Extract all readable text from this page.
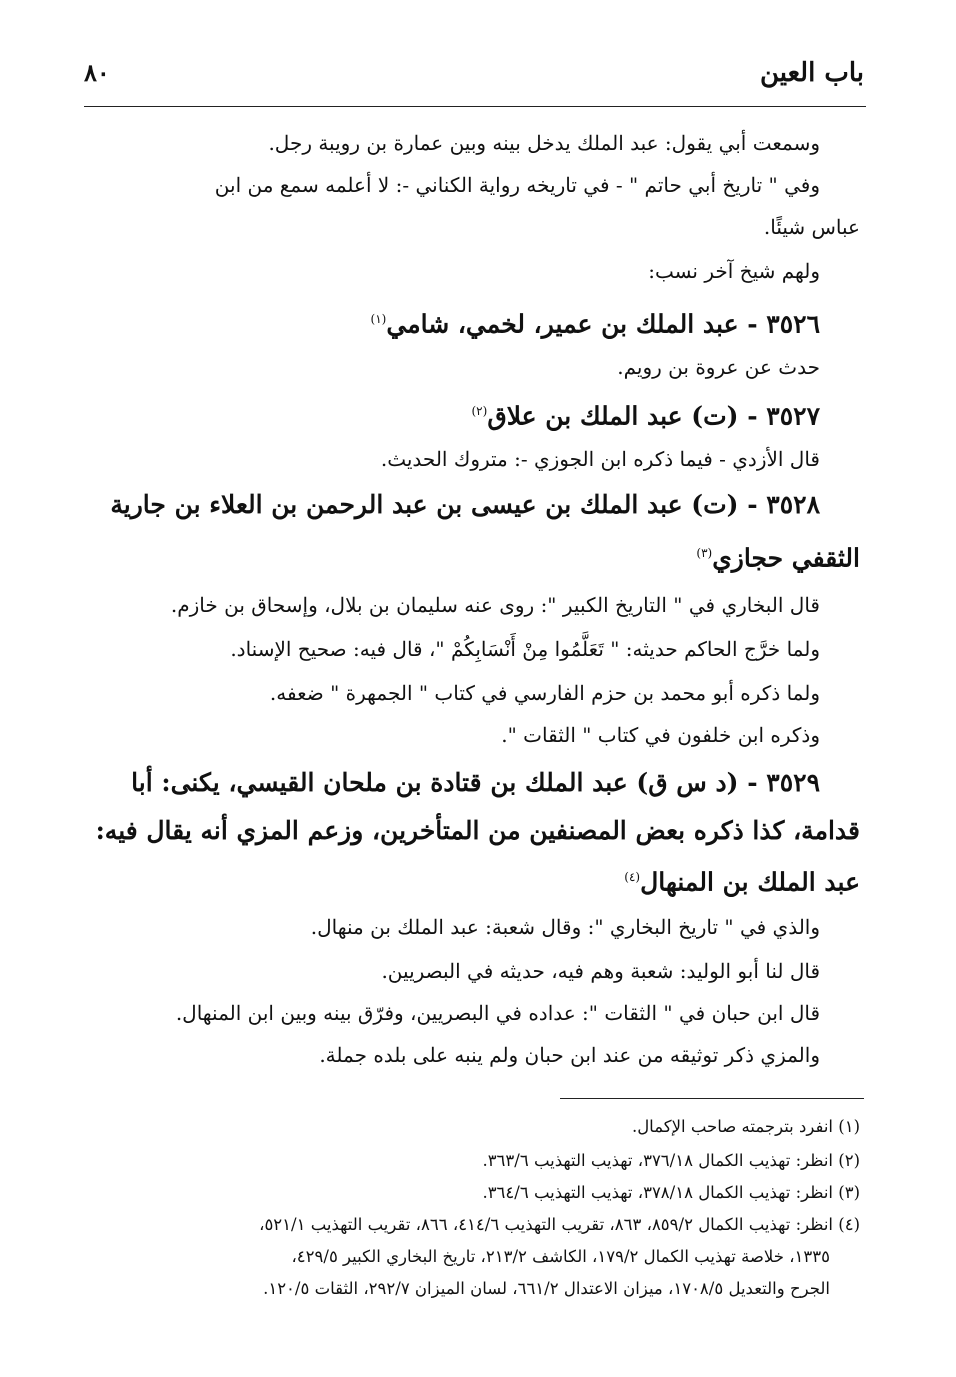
باب العين
٨٠
وسمعت أبي يقول: عبد الملك يدخل بينه وبين عمارة بن رويبة رجل.
وفي " تاريخ أبي حاتم " - في تاريخه رواية الكناني -: لا أعلمه سمع من ابن
عباس شيئًا.
ولهم شيخ آخر نسب:
٣٥٢٦ - عبد الملك بن عمير، لخمي، شامي$^{(١)}$
حدث عن عروة بن رويم.
٣٥٢٧ - (ت) عبد الملك بن علاق$^{(٢)}$
قال الأزدي - فيما ذكره ابن الجوزي -: متروك الحديث.
٣٥٢٨ - (ت) عبد الملك بن عيسى بن عبد الرحمن بن العلاء بن جارية
الثقفي حجازي$^{(٣)}$
قال البخاري في " التاريخ الكبير ": روى عنه سليمان بن بلال، وإسحاق بن خازم.
ولما خرَّج الحاكم حديثه: " تَعَلَّمُوا مِنْ أَنْسَابِكُمْ "، قال فيه: صحيح الإسناد.
ولما ذكره أبو محمد بن حزم الفارسي في كتاب " الجمهرة " ضعفه.
وذكره ابن خلفون في كتاب " الثقات ".
٣٥٢٩ - (د س ق) عبد الملك بن قتادة بن ملحان القيسي، يكنى: أبا
قدامة، كذا ذكره بعض المصنفين من المتأخرين، وزعم المزي أنه يقال فيه:
عبد الملك بن المنهال$^{(٤)}$
والذي في " تاريخ البخاري ": وقال شعبة: عبد الملك بن منهال.
قال لنا أبو الوليد: شعبة وهم فيه، حديثه في البصريين.
قال ابن حبان في " الثقات ": عداده في البصريين، وفرّق بينه وبين ابن المنهال.
والمزي ذكر توثيقه من عند ابن حبان ولم ينبه على بلده جملة.
(١) انفرد بترجمته صاحب الإكمال.
(٢) انظر: تهذيب الكمال ٣٧٦/١٨، تهذيب التهذيب ٣٦٣/٦.
(٣) انظر: تهذيب الكمال ٣٧٨/١٨، تهذيب التهذيب ٣٦٤/٦.
(٤) انظر: تهذيب الكمال ٨٥٩/٢، ٨٦٣، تقريب التهذيب ٤١٤/٦، ٨٦٦، تقريب التهذيب ٥٢١/١،
١٣٣٥، خلاصة تهذيب الكمال ١٧٩/٢، الكاشف ٢١٣/٢، تاريخ البخاري الكبير ٤٢٩/٥،
الجرح والتعديل ١٧٠٨/٥، ميزان الاعتدال ٦٦١/٢، لسان الميزان ٢٩٢/٧، الثقات ١٢٠/٥.
